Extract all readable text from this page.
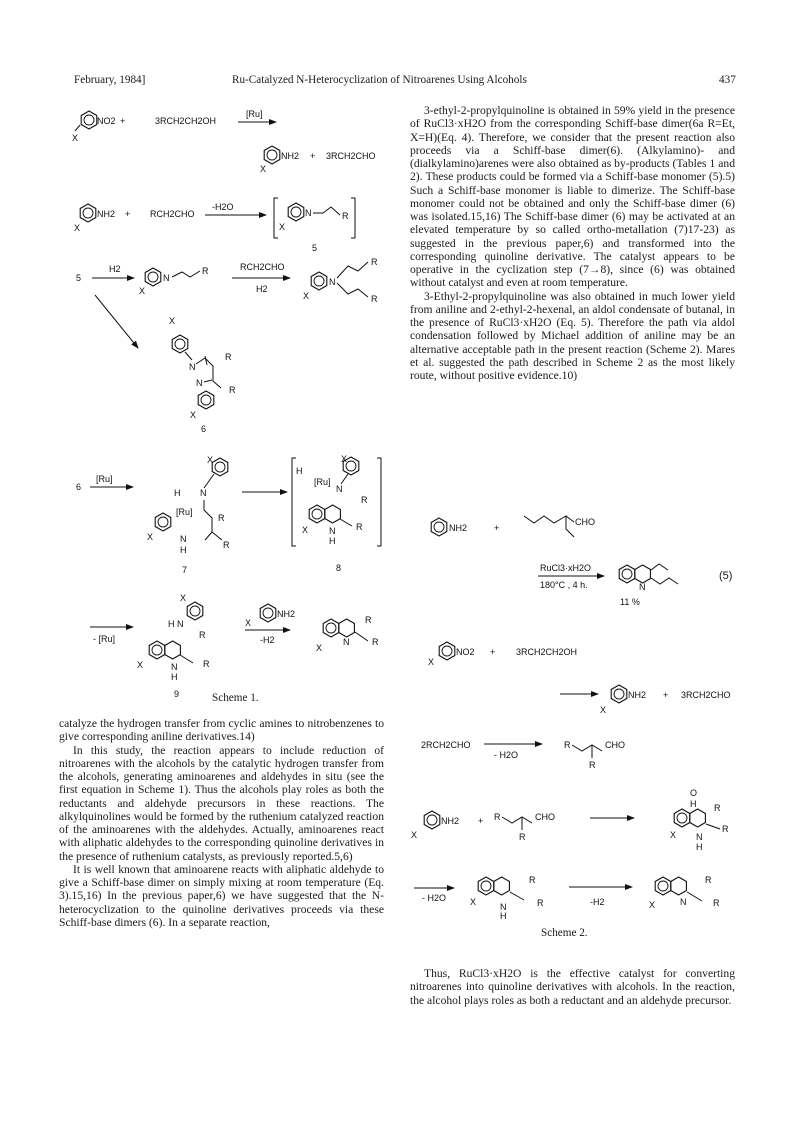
February, 1984]	Ru-Catalyzed N-Heterocyclization of Nitroarenes Using Alcohols	437

catalyze the hydrogen transfer from cyclic amines to nitrobenzenes to give corresponding aniline derivatives.14)

In this study, the reaction appears to include reduction of nitroarenes with the alcohols by the catalytic hydrogen transfer from the alcohols, generating aminoarenes and aldehydes in situ (see the first equation in Scheme 1). Thus the alcohols play roles as both the reductants and aldehyde precursors in these reactions. The alkylquinolines would be formed by the ruthenium catalyzed reaction of the aminoarenes with the aldehydes. Actually, aminoarenes react with aliphatic aldehydes to the corresponding quinoline derivatives in the presence of ruthenium catalysts, as previously reported.5,6)

It is well known that aminoarene reacts with aliphatic aldehyde to give a Schiff-base dimer on simply mixing at room temperature (Eq. 3).15,16) In the previous paper,6) we have suggested that the N-heterocyclization to the quinoline derivatives proceeds via these Schiff-base dimers (6). In a separate reaction,

3-ethyl-2-propylquinoline is obtained in 59% yield in the presence of RuCl3·xH2O from the corresponding Schiff-base dimer(6a R=Et, X=H)(Eq. 4). Therefore, we consider that the present reaction also proceeds via a Schiff-base dimer(6). (Alkylamino)- and (dialkylamino)arenes were also obtained as by-products (Tables 1 and 2). These products could be formed via a Schiff-base monomer (5).5) Such a Schiff-base monomer is liable to dimerize. The Schiff-base monomer could not be obtained and only the Schiff-base dimer (6) was isolated.15,16) The Schiff-base dimer (6) may be activated at an elevated temperature by so called ortho-metallation (7)17-23) as suggested in the previous paper,6) and transformed into the corresponding quinoline derivative. The catalyst appears to be operative in the cyclization step (7→8), since (6) was obtained without catalyst and even at room temperature.

3-Ethyl-2-propylquinoline was also obtained in much lower yield from aniline and 2-ethyl-2-hexenal, an aldol condensate of butanal, in the presence of RuCl3·xH2O (Eq. 5). Therefore the path via aldol condensation followed by Michael addition of aniline may be an alternative acceptable path in the present reaction (Scheme 2). Mares et al. suggested the path described in Scheme 2 as the most likely route, without positive evidence.10)

Thus, RuCl3·xH2O is the effective catalyst for converting nitroarenes into quinoline derivatives with alcohols. In the reaction, the alcohol plays roles as both a reductant and an aldehyde precursor.

Scheme 1.
Scheme 2.
(5)
X
NO2 +	3RCH2CH2OH
[Ru]
X
NH2 + 3RCH2CHO
X
NH2 + RCH2CHO
-H2O
X
N	R
5
5
H2
X
N
R	RCH2CHO
H2
X
N
R
R
X
N
R
R
N
X
6
6
[Ru]
X
N
H
[Ru]
R
R
X	N
H
7
H
[Ru]
X
N
R
R
X N
H
8
- [Ru]
X
H N
R
R
X	N
H
9
NH2
X
-H2
X
N
R
R
NH2	+
CHO
RuCl3·xH2O
180°C , 4 h.	N
11 %
X
NO2 + 3RCH2CH2OH
X
NH2 + 3RCH2CHO
2RCH2CHO
- H2O
R	CHO
R
X
NH2 + R	CHO
R	X
O
H R
R
N
H
- H2O	X	N
H
R
R	-H2	X	N
R
R
